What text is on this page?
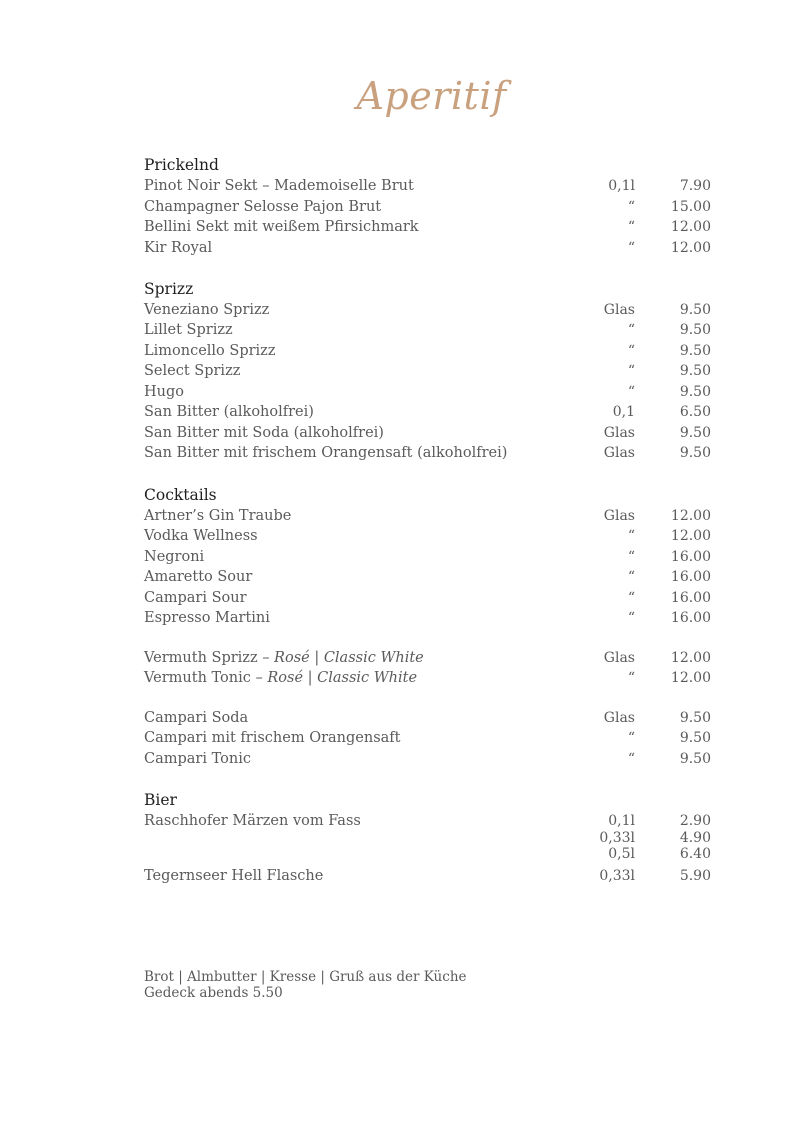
Aperitif
Prickelnd
Pinot Noir Sekt – Mademoiselle Brut	0,1l	7.90
Champagner Selosse Pajon Brut	“	15.00
Bellini Sekt mit weißem Pfirsichmark	“	12.00
Kir Royal	“	12.00
Sprizz
Veneziano Sprizz	Glas	9.50
Lillet Sprizz	“	9.50
Limoncello Sprizz	“	9.50
Select Sprizz	“	9.50
Hugo	“	9.50
San Bitter (alkoholfrei)	0,1	6.50
San Bitter mit Soda (alkoholfrei)	Glas	9.50
San Bitter mit frischem Orangensaft (alkoholfrei)	Glas	9.50
Cocktails
Artner’s Gin Traube	Glas	12.00
Vodka Wellness	“	12.00
Negroni	“	16.00
Amaretto Sour	“	16.00
Campari Sour	“	16.00
Espresso Martini	“	16.00
Vermuth Sprizz – Rosé | Classic White	Glas	12.00
Vermuth Tonic – Rosé | Classic White	“	12.00
Campari Soda	Glas	9.50
Campari mit frischem Orangensaft	“	9.50
Campari Tonic	“	9.50
Bier
Raschhofer Märzen vom Fass	0,1l	2.90
0,33l	4.90
0,5l	6.40
Tegernseer Hell Flasche	0,33l	5.90
Brot | Almbutter | Kresse | Gruß aus der Küche
Gedeck abends 5.50
